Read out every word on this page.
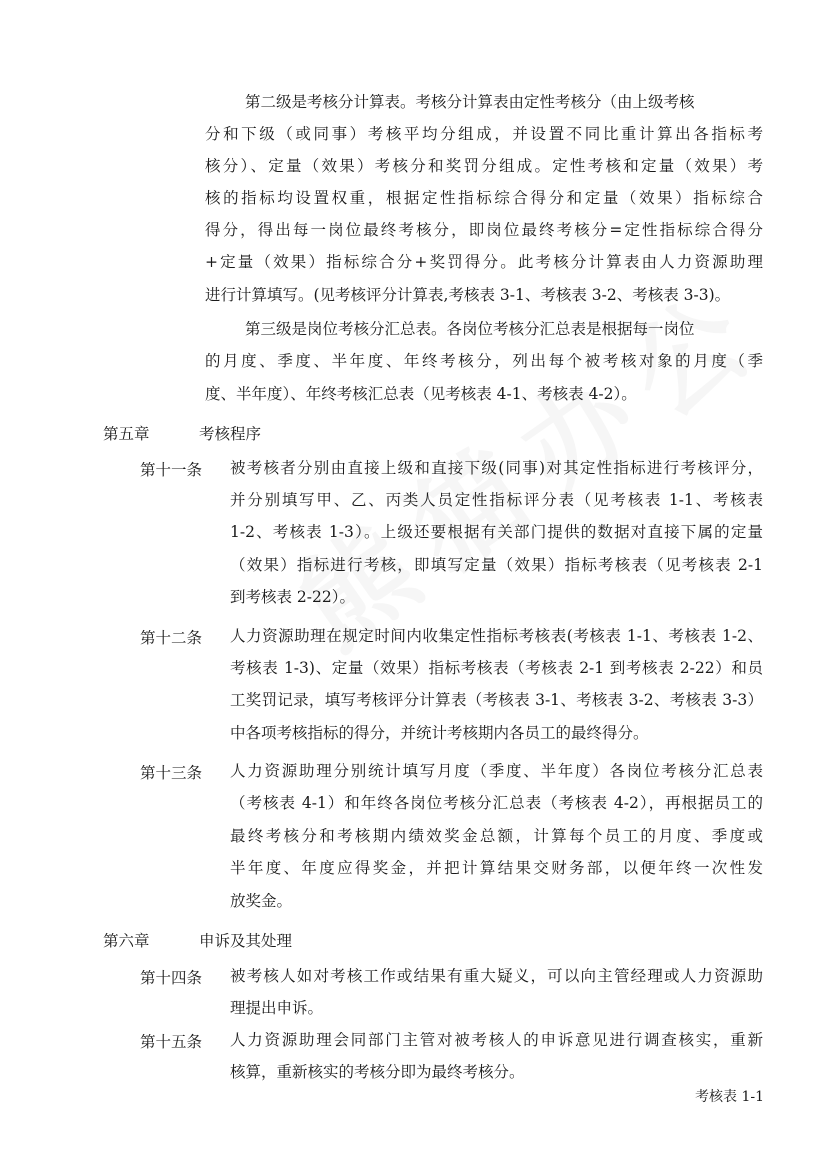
第二级是考核分计算表。考核分计算表由定性考核分（由上级考核
分和下级（或同事）考核平均分组成，并设置不同比重计算出各指标考
核分）、定量（效果）考核分和奖罚分组成。定性考核和定量（效果）考
核的指标均设置权重，根据定性指标综合得分和定量（效果）指标综合
得分，得出每一岗位最终考核分，即岗位最终考核分=定性指标综合得分
+定量（效果）指标综合分+奖罚得分。此考核分计算表由人力资源助理
进行计算填写。(见考核评分计算表,考核表 3-1、考核表 3-2、考核表 3-3)。
第三级是岗位考核分汇总表。各岗位考核分汇总表是根据每一岗位
的月度、季度、半年度、年终考核分，列出每个被考核对象的月度（季
度、半年度）、年终考核汇总表（见考核表 4-1、考核表 4-2）。
第五章	考核程序
第十一条 被考核者分别由直接上级和直接下级(同事)对其定性指标进行考核评分，
并分别填写甲、乙、丙类人员定性指标评分表（见考核表 1-1、考核表
1-2、考核表 1-3）。上级还要根据有关部门提供的数据对直接下属的定量
（效果）指标进行考核，即填写定量（效果）指标考核表（见考核表 2-1
到考核表 2-22）。
第十二条 人力资源助理在规定时间内收集定性指标考核表(考核表 1-1、考核表 1-2、
考核表 1-3)、定量（效果）指标考核表（考核表 2-1 到考核表 2-22）和员
工奖罚记录，填写考核评分计算表（考核表 3-1、考核表 3-2、考核表 3-3）
中各项考核指标的得分，并统计考核期内各员工的最终得分。
第十三条 人力资源助理分别统计填写月度（季度、半年度）各岗位考核分汇总表
（考核表 4-1）和年终各岗位考核分汇总表（考核表 4-2），再根据员工的
最终考核分和考核期内绩效奖金总额，计算每个员工的月度、季度或
半年度、年度应得奖金，并把计算结果交财务部，以便年终一次性发
放奖金。
第六章	申诉及其处理
第十四条 被考核人如对考核工作或结果有重大疑义，可以向主管经理或人力资源助
理提出申诉。
第十五条 人力资源助理会同部门主管对被考核人的申诉意见进行调查核实，重新
核算，重新核实的考核分即为最终考核分。
考核表 1-1
